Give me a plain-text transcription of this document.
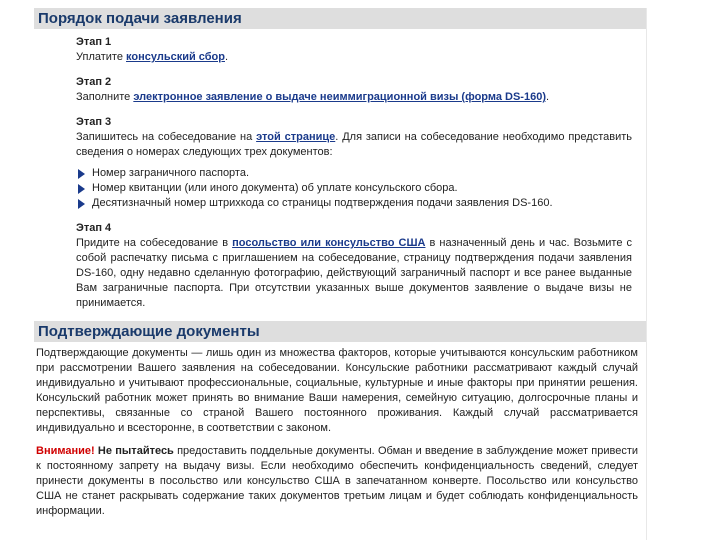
Порядок подачи заявления
Этап 1
Уплатите консульский сбор.
Этап 2
Заполните электронное заявление о выдаче неиммиграционной визы (форма DS-160).
Этап 3
Запишитесь на собеседование на этой странице. Для записи на собеседование необходимо представить сведения о номерах следующих трех документов:
Номер заграничного паспорта.
Номер квитанции (или иного документа) об уплате консульского сбора.
Десятизначный номер штрихкода со страницы подтверждения подачи заявления DS-160.
Этап 4
Придите на собеседование в посольство или консульство США в назначенный день и час. Возьмите с собой распечатку письма с приглашением на собеседование, страницу подтверждения подачи заявления DS-160, одну недавно сделанную фотографию, действующий заграничный паспорт и все ранее выданные Вам заграничные паспорта. При отсутствии указанных выше документов заявление о выдаче визы не принимается.
Подтверждающие документы
Подтверждающие документы — лишь один из множества факторов, которые учитываются консульским работником при рассмотрении Вашего заявления на собеседовании. Консульские работники рассматривают каждый случай индивидуально и учитывают профессиональные, социальные, культурные и иные факторы при принятии решения. Консульский работник может принять во внимание Ваши намерения, семейную ситуацию, долгосрочные планы и перспективы, связанные со страной Вашего постоянного проживания. Каждый случай рассматривается индивидуально и всесторонне, в соответствии с законом.
Внимание! Не пытайтесь предоставить поддельные документы. Обман и введение в заблуждение может привести к постоянному запрету на выдачу визы. Если необходимо обеспечить конфиденциальность сведений, следует принести документы в посольство или консульство США в запечатанном конверте. Посольство или консульство США не станет раскрывать содержание таких документов третьим лицам и будет соблюдать конфиденциальность информации.
